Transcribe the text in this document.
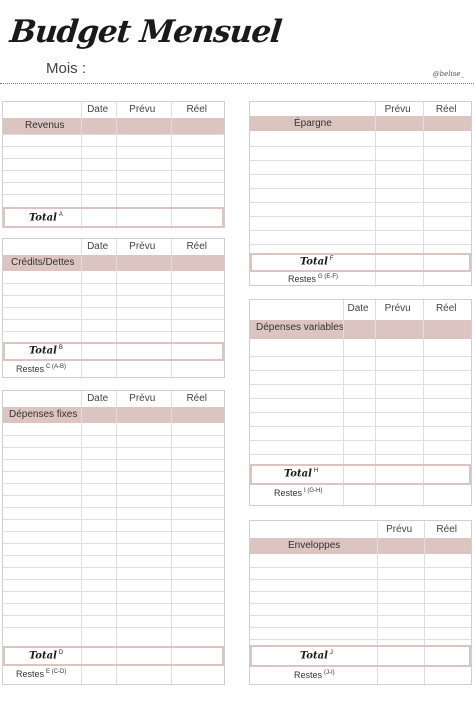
Budget Mensuel
Mois :	@belise_
Date	Prévu	Réel
Revenus
Total $^A$
Date	Prévu	Réel
Crédits/Dettes
Total $^B$
Restes $^{C (A-B)}$
Date	Prévu	Réel
Dépenses fixes
Total $^D$
Restes $^{E (C-D)}$
Prévu	Réel
Épargne
Total $^F$
Restes $^{G (E-F)}$
Date	Prévu	Réel
Dépenses variables
Total $^H$
Restes $^{I (G-H)}$
Prévu	Réel
Enveloppes
Total $^J$
Restes $^{(J-I)}$
